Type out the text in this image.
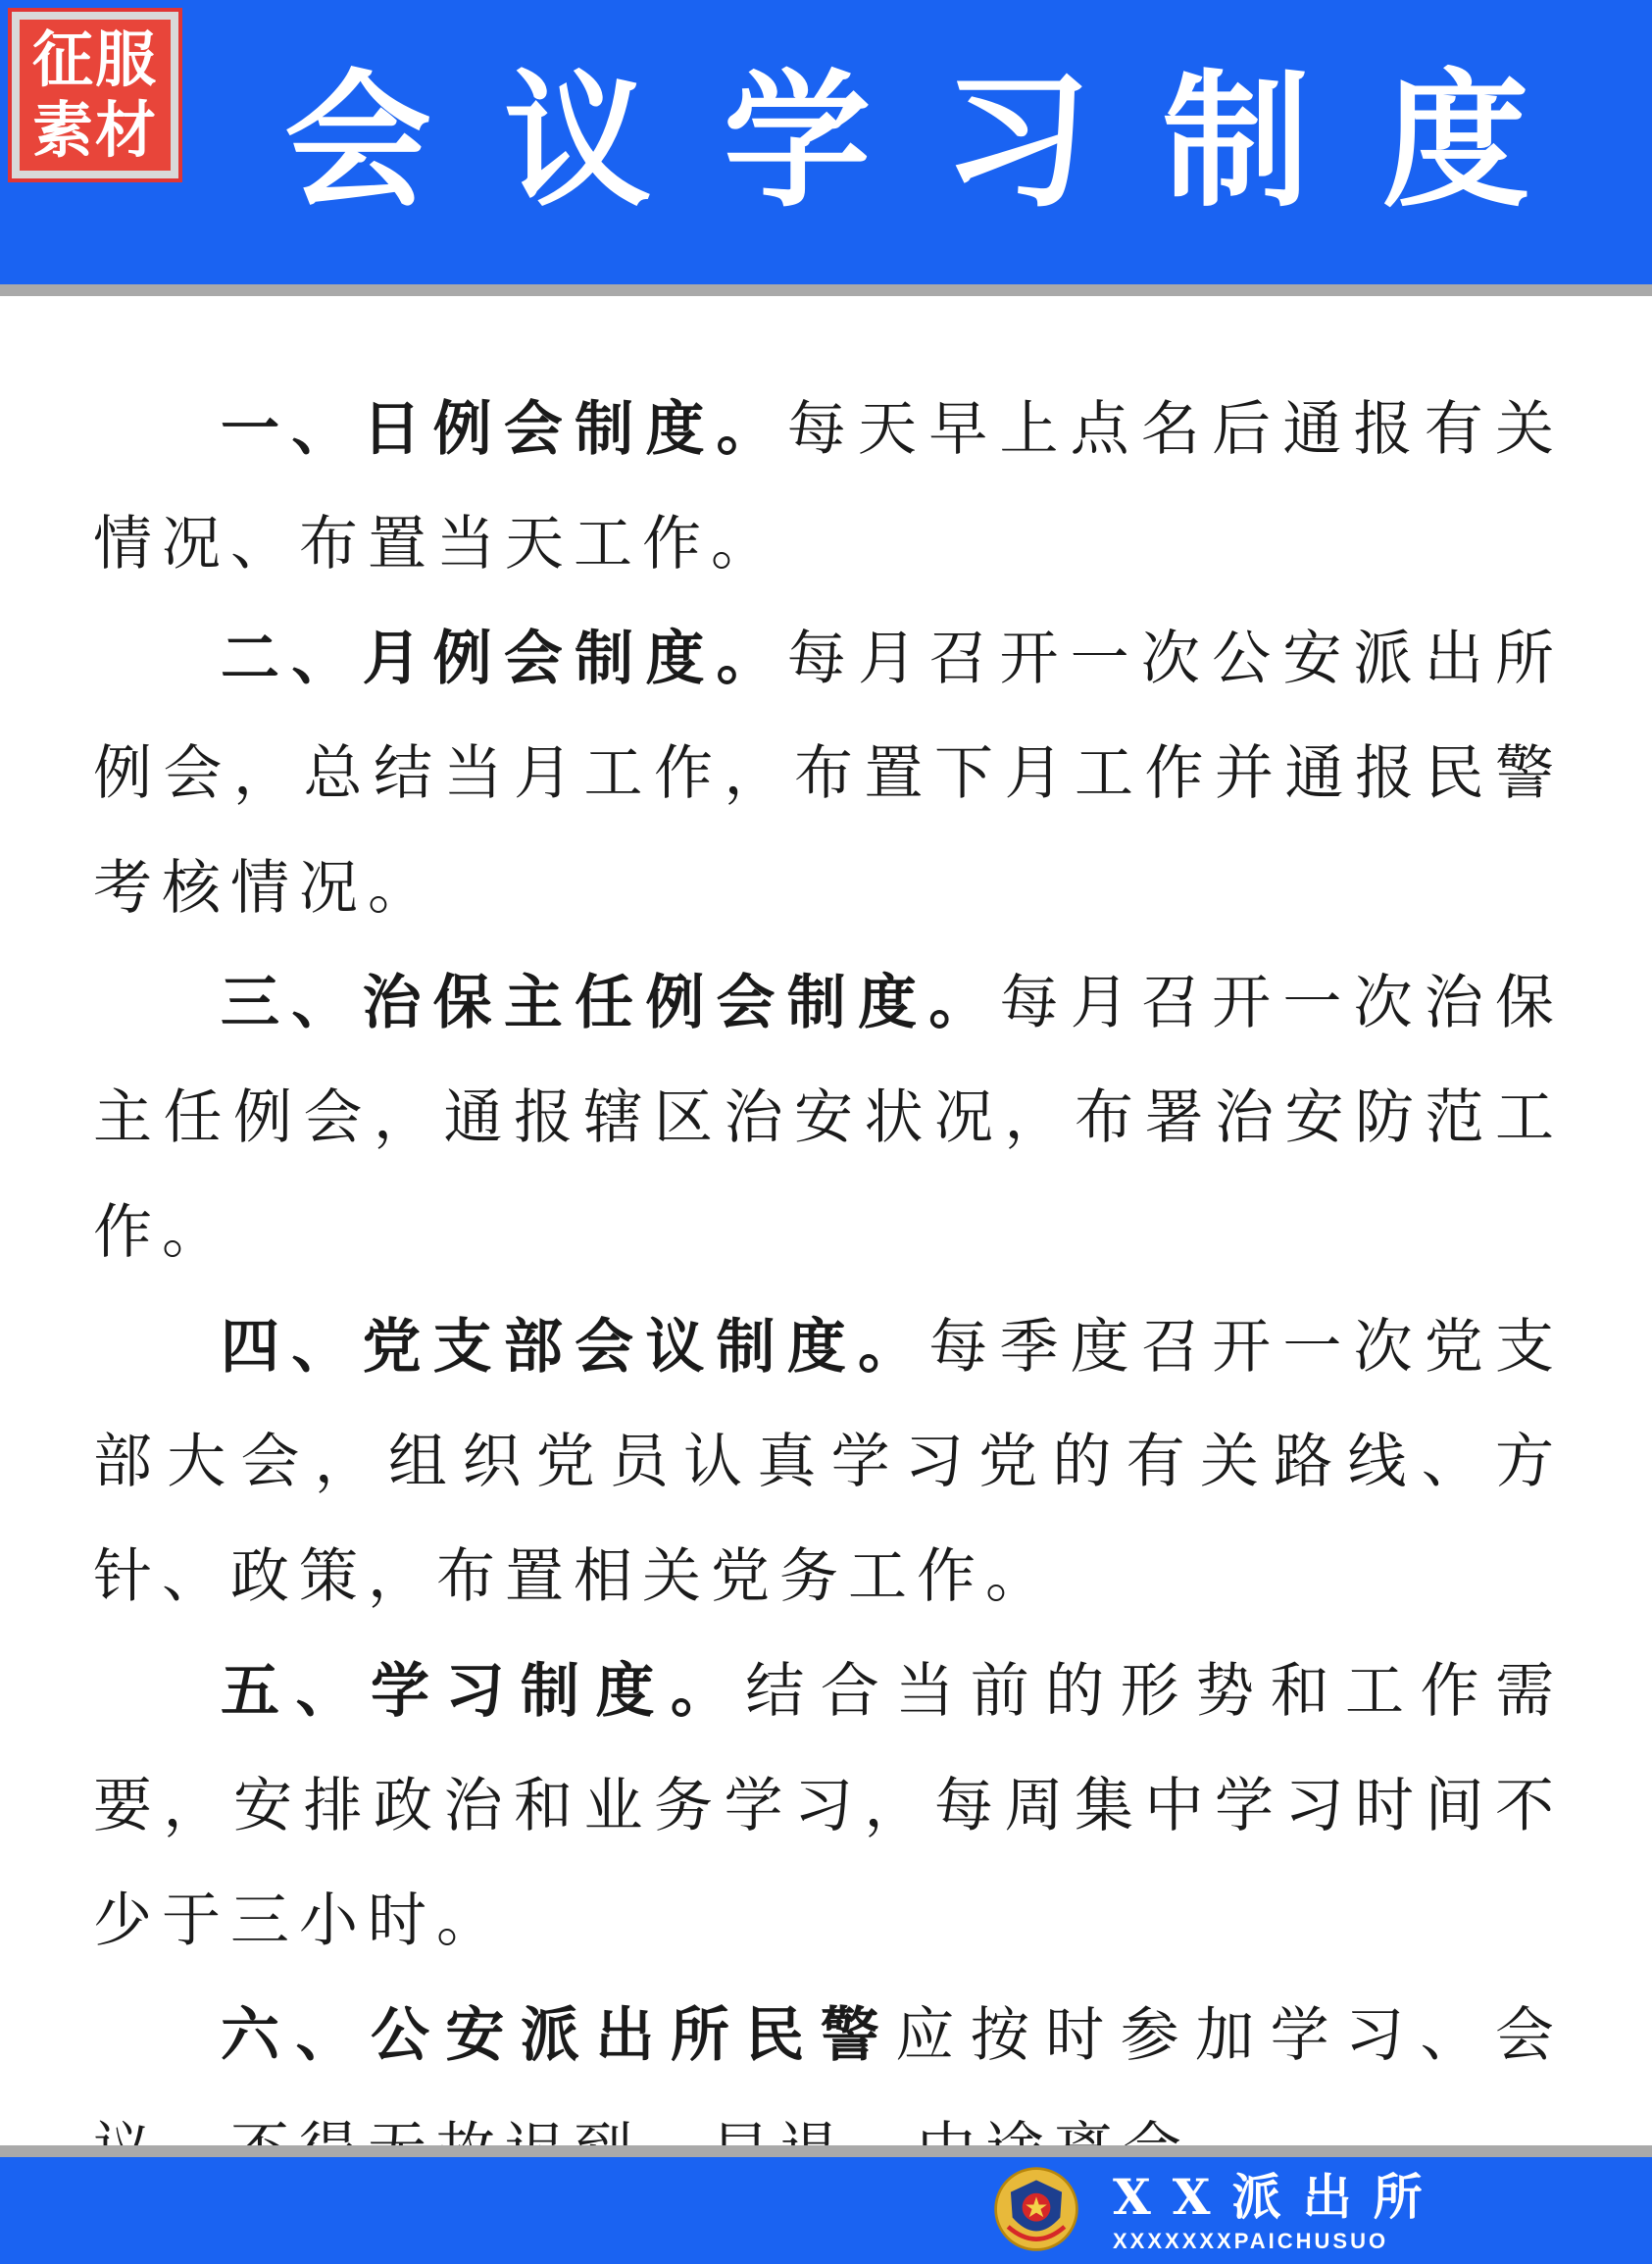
征服
素材 会议学习制度

一、日例会制度。每天早上点名后通报有关情况、布置当天工作。

二、月例会制度。每月召开一次公安派出所例会，总结当月工作，布置下月工作并通报民警考核情况。

三、治保主任例会制度。每月召开一次治保主任例会，通报辖区治安状况，布署治安防范工作。

四、党支部会议制度。每季度召开一次党支部大会，组织党员认真学习党的有关路线、方针、政策，布置相关党务工作。

五、学习制度。结合当前的形势和工作需要，安排政治和业务学习，每周集中学习时间不少于三小时。

六、公安派出所民警应按时参加学习、会

XX派出所
XXXXXXXPAICHUSUO
